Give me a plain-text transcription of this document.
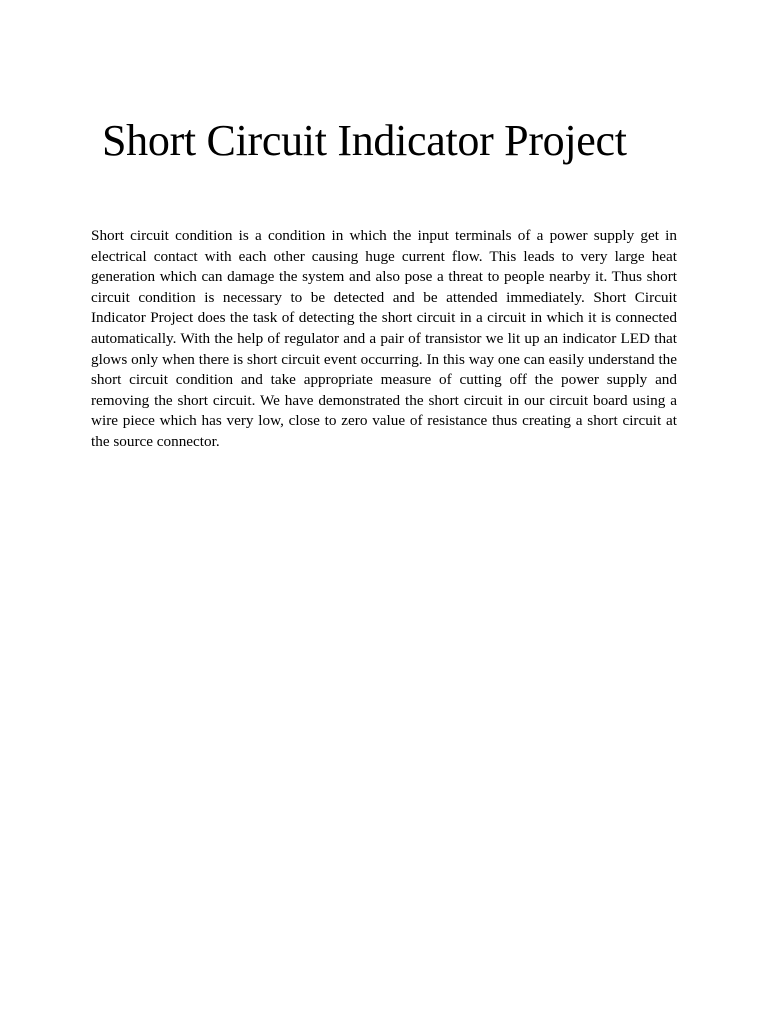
Short Circuit Indicator Project

Short circuit condition is a condition in which the input terminals of a power supply get in electrical contact with each other causing huge current flow. This leads to very large heat generation which can damage the system and also pose a threat to people nearby it. Thus short circuit condition is necessary to be detected and be attended immediately. Short Circuit Indicator Project does the task of detecting the short circuit in a circuit in which it is connected automatically. With the help of regulator and a pair of transistor we lit up an indicator LED that glows only when there is short circuit event occurring. In this way one can easily understand the short circuit condition and take appropriate measure of cutting off the power supply and removing the short circuit. We have demonstrated the short circuit in our circuit board using a wire piece which has very low, close to zero value of resistance thus creating a short circuit at the source connector.
